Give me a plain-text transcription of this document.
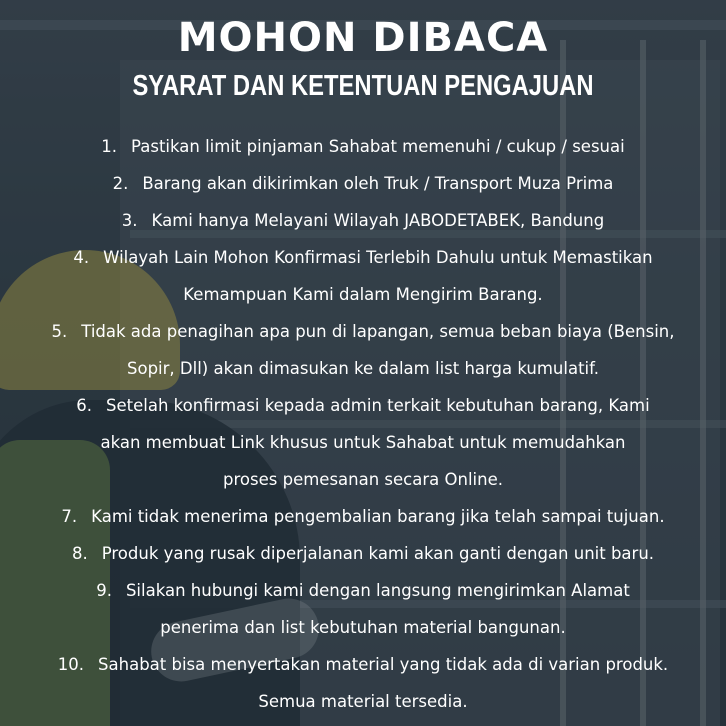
MOHON DIBACA
SYARAT DAN KETENTUAN PENGAJUAN
1. Pastikan limit pinjaman Sahabat memenuhi / cukup / sesuai
2. Barang akan dikirimkan oleh Truk / Transport Muza Prima
3. Kami hanya Melayani Wilayah JABODETABEK, Bandung
4. Wilayah Lain Mohon Konfirmasi Terlebih Dahulu untuk Memastikan
Kemampuan Kami dalam Mengirim Barang.
5. Tidak ada penagihan apa pun di lapangan, semua beban biaya (Bensin,
Sopir, Dll) akan dimasukan ke dalam list harga kumulatif.
6. Setelah konfirmasi kepada admin terkait kebutuhan barang, Kami
akan membuat Link khusus untuk Sahabat untuk memudahkan
proses pemesanan secara Online.
7. Kami tidak menerima pengembalian barang jika telah sampai tujuan.
8. Produk yang rusak diperjalanan kami akan ganti dengan unit baru.
9. Silakan hubungi kami dengan langsung mengirimkan Alamat
penerima dan list kebutuhan material bangunan.
10. Sahabat bisa menyertakan material yang tidak ada di varian produk.
Semua material tersedia.
